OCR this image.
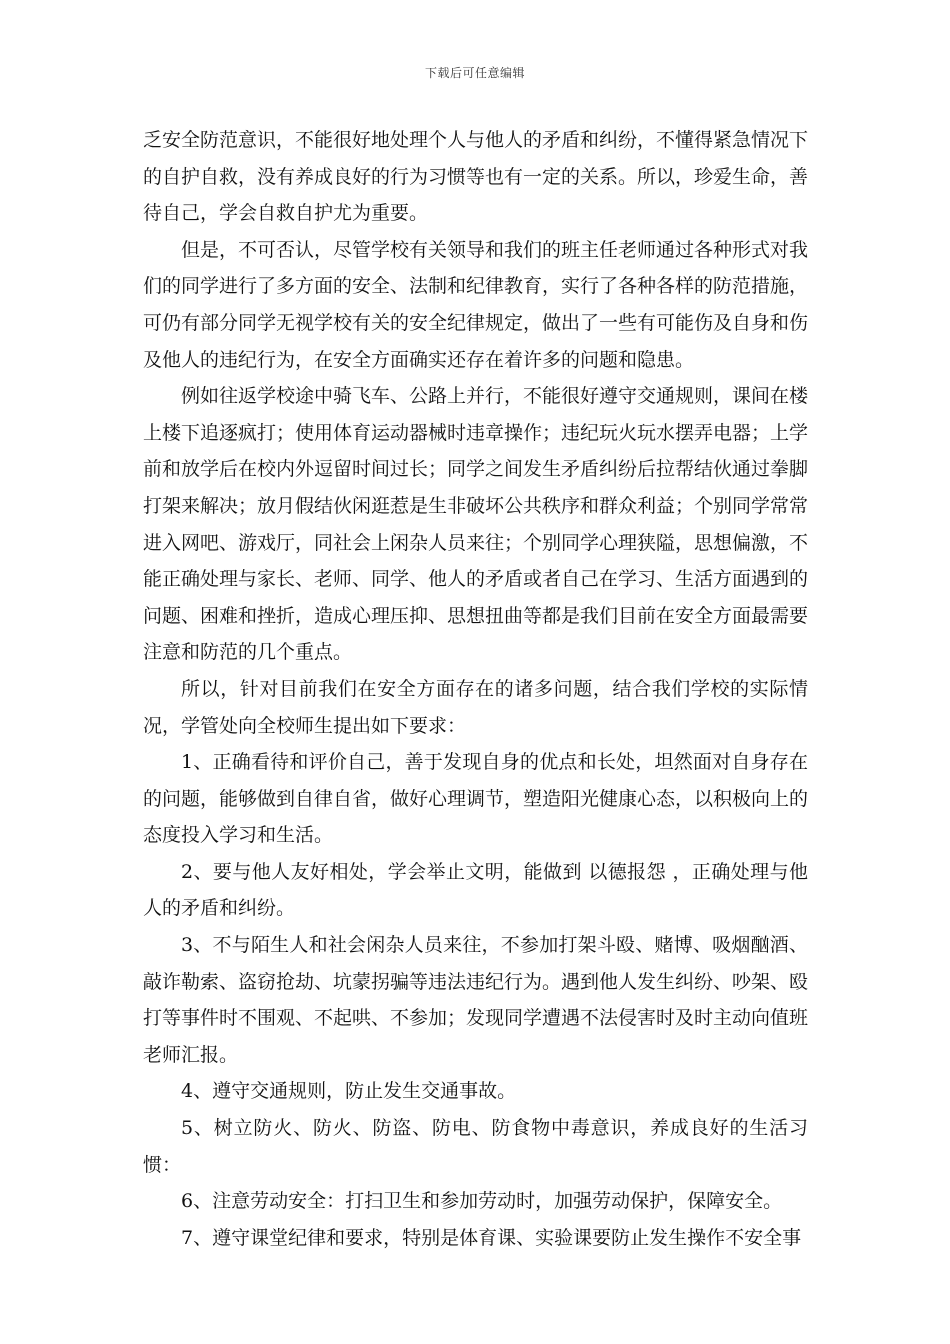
下载后可任意编辑

乏安全防范意识，不能很好地处理个人与他人的矛盾和纠纷，不懂得紧急情况下的自护自救，没有养成良好的行为习惯等也有一定的关系。所以，珍爱生命，善待自己，学会自救自护尤为重要。

但是，不可否认，尽管学校有关领导和我们的班主任老师通过各种形式对我们的同学进行了多方面的安全、法制和纪律教育，实行了各种各样的防范措施，可仍有部分同学无视学校有关的安全纪律规定，做出了一些有可能伤及自身和伤及他人的违纪行为，在安全方面确实还存在着许多的问题和隐患。

例如往返学校途中骑飞车、公路上并行，不能很好遵守交通规则，课间在楼上楼下追逐疯打；使用体育运动器械时违章操作；违纪玩火玩水摆弄电器；上学前和放学后在校内外逗留时间过长；同学之间发生矛盾纠纷后拉帮结伙通过拳脚打架来解决；放月假结伙闲逛惹是生非破坏公共秩序和群众利益；个别同学常常进入网吧、游戏厅，同社会上闲杂人员来往；个别同学心理狭隘，思想偏激，不能正确处理与家长、老师、同学、他人的矛盾或者自己在学习、生活方面遇到的问题、困难和挫折，造成心理压抑、思想扭曲等都是我们目前在安全方面最需要注意和防范的几个重点。

所以，针对目前我们在安全方面存在的诸多问题，结合我们学校的实际情况，学管处向全校师生提出如下要求：

1、正确看待和评价自己，善于发现自身的优点和长处，坦然面对自身存在的问题，能够做到自律自省，做好心理调节，塑造阳光健康心态，以积极向上的态度投入学习和生活。

2、要与他人友好相处，学会举止文明，能做到 以德报怨 ，正确处理与他人的矛盾和纠纷。

3、不与陌生人和社会闲杂人员来往，不参加打架斗殴、赌博、吸烟酗酒、敲诈勒索、盗窃抢劫、坑蒙拐骗等违法违纪行为。遇到他人发生纠纷、吵架、殴打等事件时不围观、不起哄、不参加；发现同学遭遇不法侵害时及时主动向值班老师汇报。

4、遵守交通规则，防止发生交通事故。

5、树立防火、防火、防盗、防电、防食物中毒意识，养成良好的生活习惯：

6、注意劳动安全：打扫卫生和参加劳动时，加强劳动保护，保障安全。

7、遵守课堂纪律和要求，特别是体育课、实验课要防止发生操作不安全事
